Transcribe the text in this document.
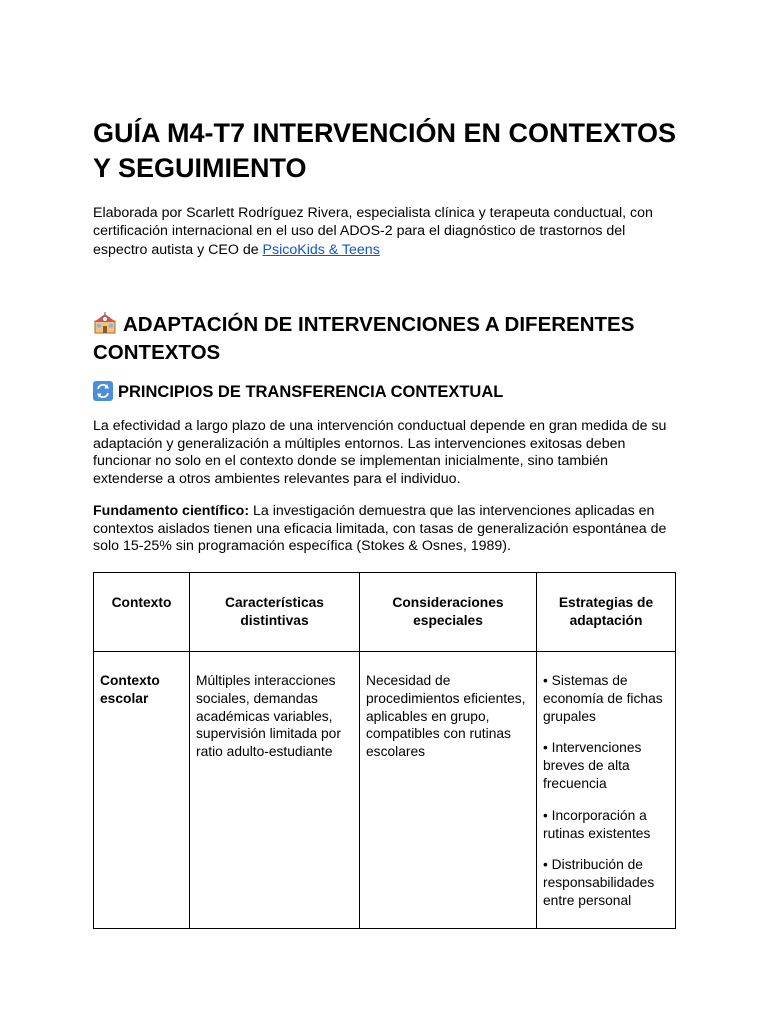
GUÍA M4-T7 INTERVENCIÓN EN CONTEXTOS Y SEGUIMIENTO

Elaborada por Scarlett Rodríguez Rivera, especialista clínica y terapeuta conductual, con certificación internacional en el uso del ADOS-2 para el diagnóstico de trastornos del espectro autista y CEO de PsicoKids & Teens

ADAPTACIÓN DE INTERVENCIONES A DIFERENTES CONTEXTOS
PRINCIPIOS DE TRANSFERENCIA CONTEXTUAL

La efectividad a largo plazo de una intervención conductual depende en gran medida de su adaptación y generalización a múltiples entornos. Las intervenciones exitosas deben funcionar no solo en el contexto donde se implementan inicialmente, sino también extenderse a otros ambientes relevantes para el individuo.

Fundamento científico: La investigación demuestra que las intervenciones aplicadas en contextos aislados tienen una eficacia limitada, con tasas de generalización espontánea de solo 15-25% sin programación específica (Stokes & Osnes, 1989).

Contexto	Características distintivas	Consideraciones especiales	Estrategias de adaptación

Contexto escolar	Múltiples interacciones sociales, demandas académicas variables, supervisión limitada por ratio adulto-estudiante	Necesidad de procedimientos eficientes, aplicables en grupo, compatibles con rutinas escolares	• Sistemas de economía de fichas grupales
• Intervenciones breves de alta frecuencia
• Incorporación a rutinas existentes
• Distribución de responsabilidades entre personal
